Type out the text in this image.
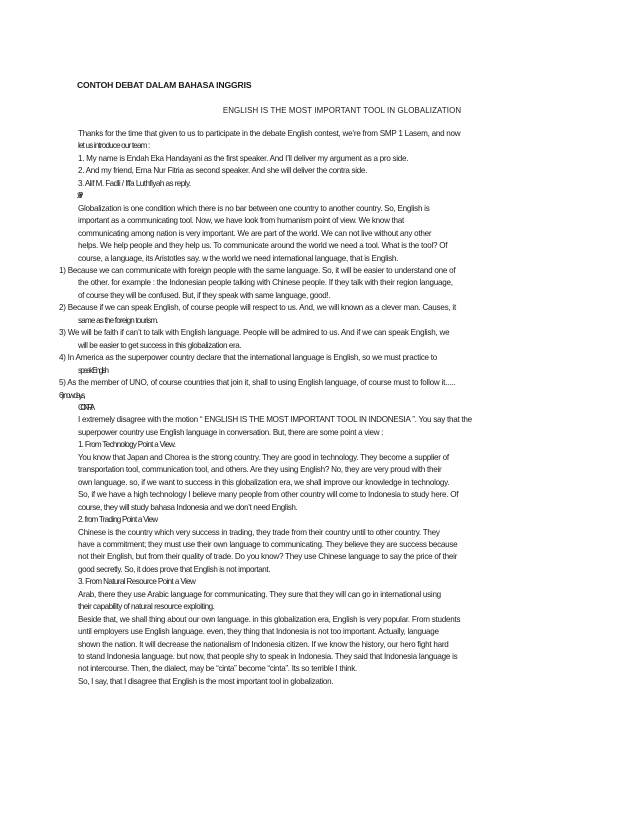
CONTOH DEBAT DALAM BAHASA INGGRIS
ENGLISH IS THE MOST IMPORTANT TOOL IN GLOBALIZATION
Thanks for the time that given to us to participate in the debate English contest, we’re from SMP 1 Lasem, and now
let us introduce our team :
1. My name is Endah Eka Handayani as the first speaker. And I’ll deliver my argument as a pro side.
2. And my friend, Erna Nur Fitria as second speaker. And she will deliver the contra side.
3. Alif M. Fadli / Iffa Luthfiyah as reply.
Globalization is one condition which there is no bar between one country to another country. So, English is
important as a communicating tool. Now, we have look from humanism point of view. We know that
communicating among nation is very important. We are part of the world. We can not live without any other
helps. We help people and they help us. To communicate around the world we need a tool. What is the tool? Of
course, a language, its Aristotles say. w the world we need international language, that is English.
1) Because we can communicate with foreign people with the same language. So, it will be easier to understand one of
the other. for example : the Indonesian people talking with Chinese people. If they talk with their region language,
of course they will be confused. But, if they speak with same language, good!.
2) Because if we can speak English, of course people will respect to us. And, we will known as a clever man. Causes, it
same as the foreign tourism.
3) We will be faith if can’t to talk with English language. People will be admired to us. And if we can speak English, we
will be easier to get success in this globalization era.
4) In America as the superpower country declare that the international language is English, so we must practice to
speak English
5) As the member of UNO, of course countries that join it, shall to using English language, of course must to follow it.....
6) now days,
CONTRA
I extremely disagree with the motion “ ENGLISH IS THE MOST IMPORTANT TOOL IN INDONESIA ”. You say that the
superpower country use English language in conversation. But, there are some point a view :
1. From Technology Point a View.
You know that Japan and Chorea is the strong country. They are good in technology. They become a supplier of
transportation tool, communication tool, and others. Are they using English? No, they are very proud with their
own language. so, if we want to success in this globalization era, we shall improve our knowledge in technology.
So, if we have a high technology I believe many people from other country will come to Indonesia to study here. Of
course, they will study bahasa Indonesia and we don’t need English.
2. from Trading Point a View
Chinese is the country which very success in trading, they trade from their country until to other country. They
have a commitment; they must use their own language to communicating. They believe they are success because
not their English, but from their quality of trade. Do you know? They use Chinese language to say the price of their
good secretly. So, it does prove that English is not important.
3. From Natural Resource Point a View
Arab, there they use Arabic language for communicating. They sure that they will can go in international using
their capability of natural resource exploiting.
Beside that, we shall thing about our own language. in this globalization era, English is very popular. From students
until employers use English language. even, they thing that Indonesia is not too important. Actually, language
shown the nation. It will decrease the nationalism of Indonesia citizen. If we know the history, our hero fight hard
to stand Indonesia language. but now, that people shy to speak in Indonesia. They said that Indonesia language is
not intercourse. Then, the dialect, may be “cinta” become “cinta”. Its so terrible I think.
So, I say, that I disagree that English is the most important tool in globalization.
